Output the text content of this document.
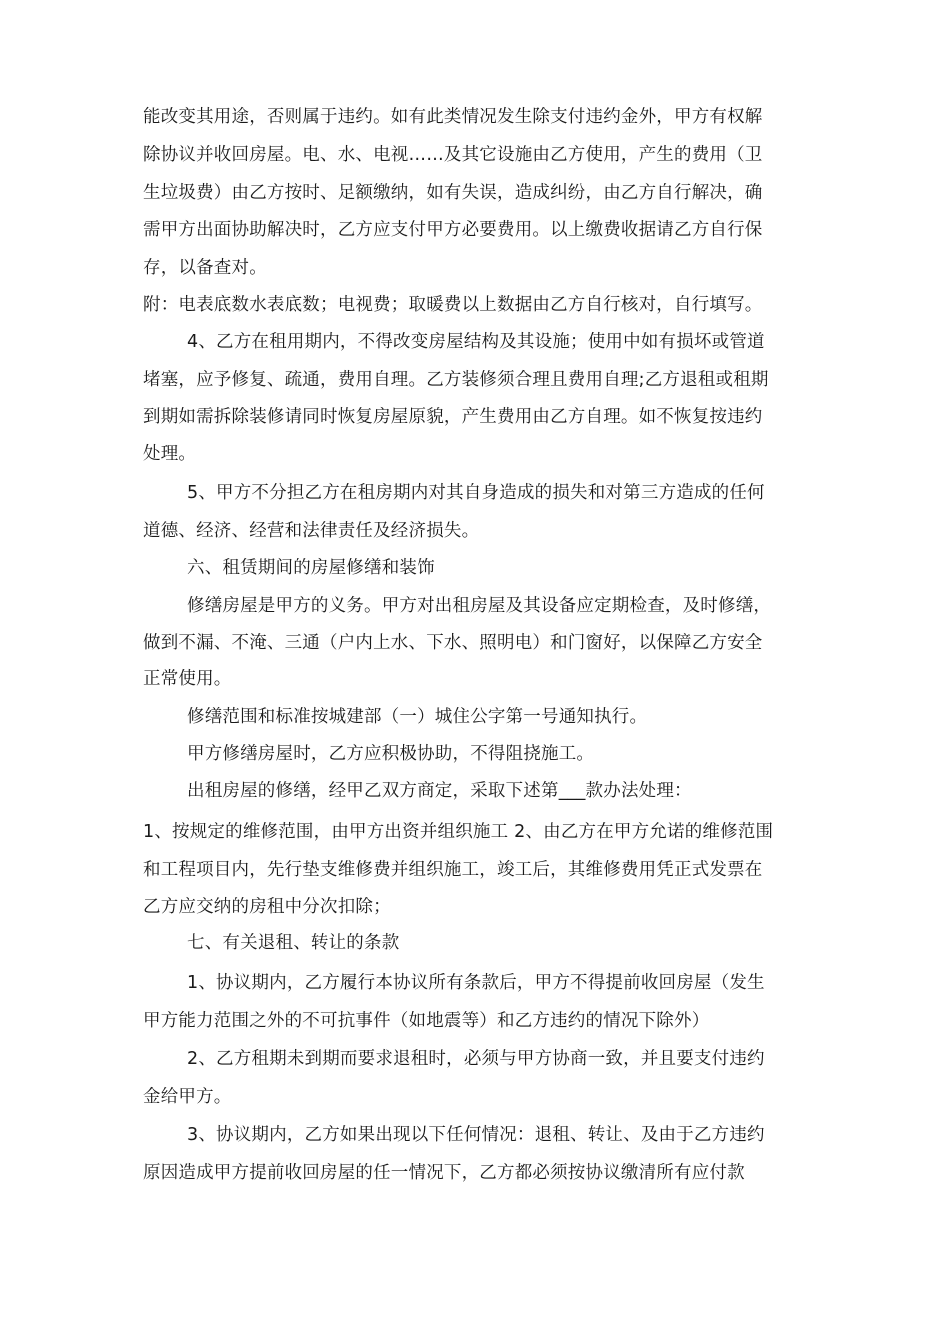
能改变其用途，否则属于违约。如有此类情况发生除支付违约金外，甲方有权解
除协议并收回房屋。电、水、电视……及其它设施由乙方使用，产生的费用（卫
生垃圾费）由乙方按时、足额缴纳，如有失误，造成纠纷，由乙方自行解决，确
需甲方出面协助解决时，乙方应支付甲方必要费用。以上缴费收据请乙方自行保
存，以备查对。
附：电表底数水表底数；电视费；取暖费以上数据由乙方自行核对，自行填写。
4、乙方在租用期内，不得改变房屋结构及其设施；使用中如有损坏或管道
堵塞，应予修复、疏通，费用自理。乙方装修须合理且费用自理;乙方退租或租期
到期如需拆除装修请同时恢复房屋原貌，产生费用由乙方自理。如不恢复按违约
处理。
5、甲方不分担乙方在租房期内对其自身造成的损失和对第三方造成的任何
道德、经济、经营和法律责任及经济损失。
六、租赁期间的房屋修缮和装饰
修缮房屋是甲方的义务。甲方对出租房屋及其设备应定期检查，及时修缮，
做到不漏、不淹、三通（户内上水、下水、照明电）和门窗好，以保障乙方安全
正常使用。
修缮范围和标准按城建部（一）城住公字第一号通知执行。
甲方修缮房屋时，乙方应积极协助，不得阻挠施工。
出租房屋的修缮，经甲乙双方商定，采取下述第___款办法处理：
1、按规定的维修范围，由甲方出资并组织施工 2、由乙方在甲方允诺的维修范围
和工程项目内，先行垫支维修费并组织施工，竣工后，其维修费用凭正式发票在
乙方应交纳的房租中分次扣除；
七、有关退租、转让的条款
1、协议期内，乙方履行本协议所有条款后，甲方不得提前收回房屋（发生
甲方能力范围之外的不可抗事件（如地震等）和乙方违约的情况下除外）
2、乙方租期未到期而要求退租时，必须与甲方协商一致，并且要支付违约
金给甲方。
3、协议期内，乙方如果出现以下任何情况：退租、转让、及由于乙方违约
原因造成甲方提前收回房屋的任一情况下，乙方都必须按协议缴清所有应付款
